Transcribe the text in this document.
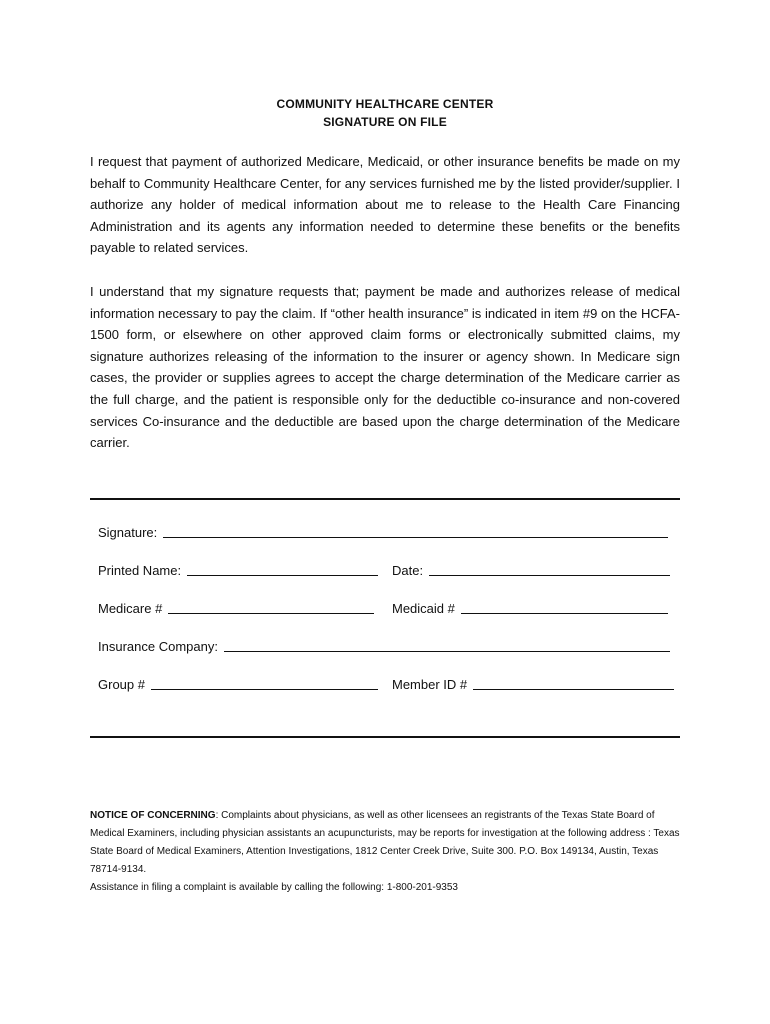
COMMUNITY HEALTHCARE CENTER
SIGNATURE ON FILE

I request that payment of authorized Medicare, Medicaid, or other insurance benefits be made on my behalf to Community Healthcare Center, for any services furnished me by the listed provider/supplier. I authorize any holder of medical information about me to release to the Health Care Financing Administration and its agents any information needed to determine these benefits or the benefits payable to related services.

I understand that my signature requests that; payment be made and authorizes release of medical information necessary to pay the claim. If “other health insurance” is indicated in item #9 on the HCFA- 1500 form, or elsewhere on other approved claim forms or electronically submitted claims, my signature authorizes releasing of the information to the insurer or agency shown. In Medicare sign cases, the provider or supplies agrees to accept the charge determination of the Medicare carrier as the full charge, and the patient is responsible only for the deductible co-insurance and non-covered services Co-insurance and the deductible are based upon the charge determination of the Medicare carrier.

Signature:
Printed Name:	Date:
Medicare #	Medicaid #
Insurance Company:
Group #	Member ID #
NOTICE OF CONCERNING: Complaints about physicians, as well as other licensees an registrants of the Texas State Board of Medical Examiners, including physician assistants an acupuncturists, may be reports for investigation at the following address : Texas State Board of Medical Examiners, Attention Investigations, 1812 Center Creek Drive, Suite 300. P.O. Box 149134, Austin, Texas 78714-9134.
Assistance in filing a complaint is available by calling the following: 1-800-201-9353
